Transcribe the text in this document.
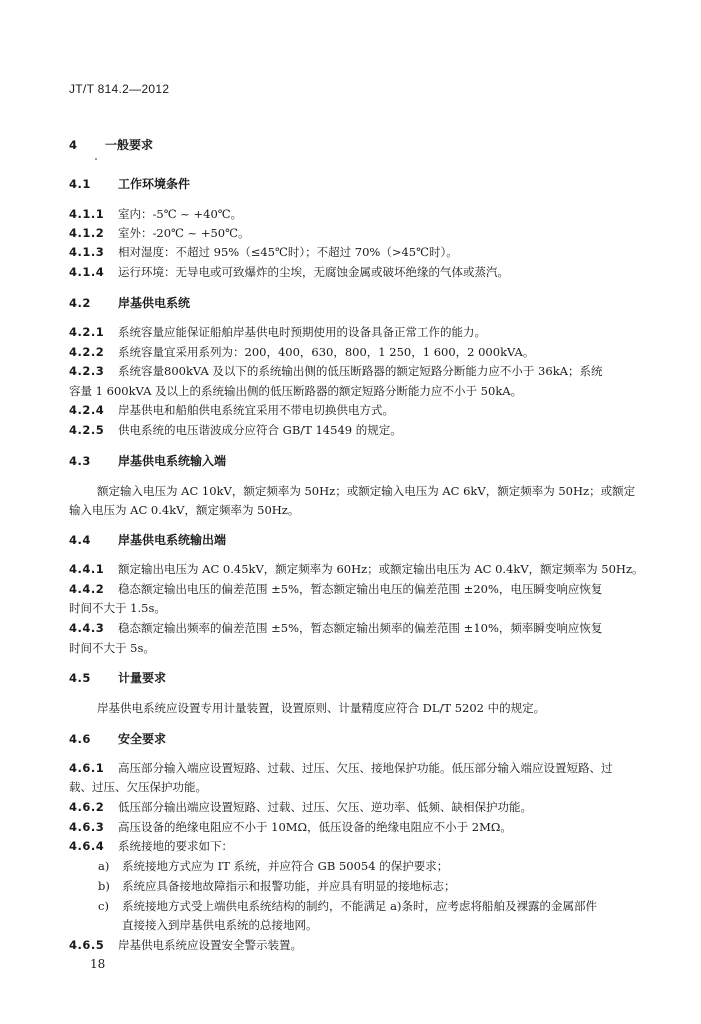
JT/T 814.2—2012
4 一般要求
4.1 工作环境条件
4.1.1 室内：-5℃ ~ +40℃。
4.1.2 室外：-20℃ ~ +50℃。
4.1.3 相对湿度：不超过 95%（≤45℃时）；不超过 70%（>45℃时）。
4.1.4 运行环境：无导电或可致爆炸的尘埃，无腐蚀金属或破坏绝缘的气体或蒸汽。
4.2 岸基供电系统
4.2.1 系统容量应能保证船舶岸基供电时预期使用的设备具备正常工作的能力。
4.2.2 系统容量宜采用系列为：200，400，630，800，1 250，1 600，2 000kVA。
4.2.3 系统容量800kVA 及以下的系统输出侧的低压断路器的额定短路分断能力应不小于 36kA；系统
容量 1 600kVA 及以上的系统输出侧的低压断路器的额定短路分断能力应不小于 50kA。
4.2.4 岸基供电和船舶供电系统宜采用不带电切换供电方式。
4.2.5 供电系统的电压谐波成分应符合 GB/T 14549 的规定。
4.3 岸基供电系统输入端
额定输入电压为 AC 10kV，额定频率为 50Hz；或额定输入电压为 AC 6kV，额定频率为 50Hz；或额定
输入电压为 AC 0.4kV，额定频率为 50Hz。
4.4 岸基供电系统输出端
4.4.1 额定输出电压为 AC 0.45kV，额定频率为 60Hz；或额定输出电压为 AC 0.4kV，额定频率为 50Hz。
4.4.2 稳态额定输出电压的偏差范围 ±5%，暂态额定输出电压的偏差范围 ±20%，电压瞬变响应恢复
时间不大于 1.5s。
4.4.3 稳态额定输出频率的偏差范围 ±5%，暂态额定输出频率的偏差范围 ±10%，频率瞬变响应恢复
时间不大于 5s。
4.5 计量要求
岸基供电系统应设置专用计量装置，设置原则、计量精度应符合 DL/T 5202 中的规定。
4.6 安全要求
4.6.1 高压部分输入端应设置短路、过载、过压、欠压、接地保护功能。低压部分输入端应设置短路、过
载、过压、欠压保护功能。
4.6.2 低压部分输出端应设置短路、过载、过压、欠压、逆功率、低频、缺相保护功能。
4.6.3 高压设备的绝缘电阻应不小于 10MΩ，低压设备的绝缘电阻应不小于 2MΩ。
4.6.4 系统接地的要求如下：
a) 系统接地方式应为 IT 系统，并应符合 GB 50054 的保护要求；
b) 系统应具备接地故障指示和报警功能，并应具有明显的接地标志；
c) 系统接地方式受上端供电系统结构的制约，不能满足 a)条时，应考虑将船舶及裸露的金属部件
直接接入到岸基供电系统的总接地网。
4.6.5 岸基供电系统应设置安全警示装置。
18
